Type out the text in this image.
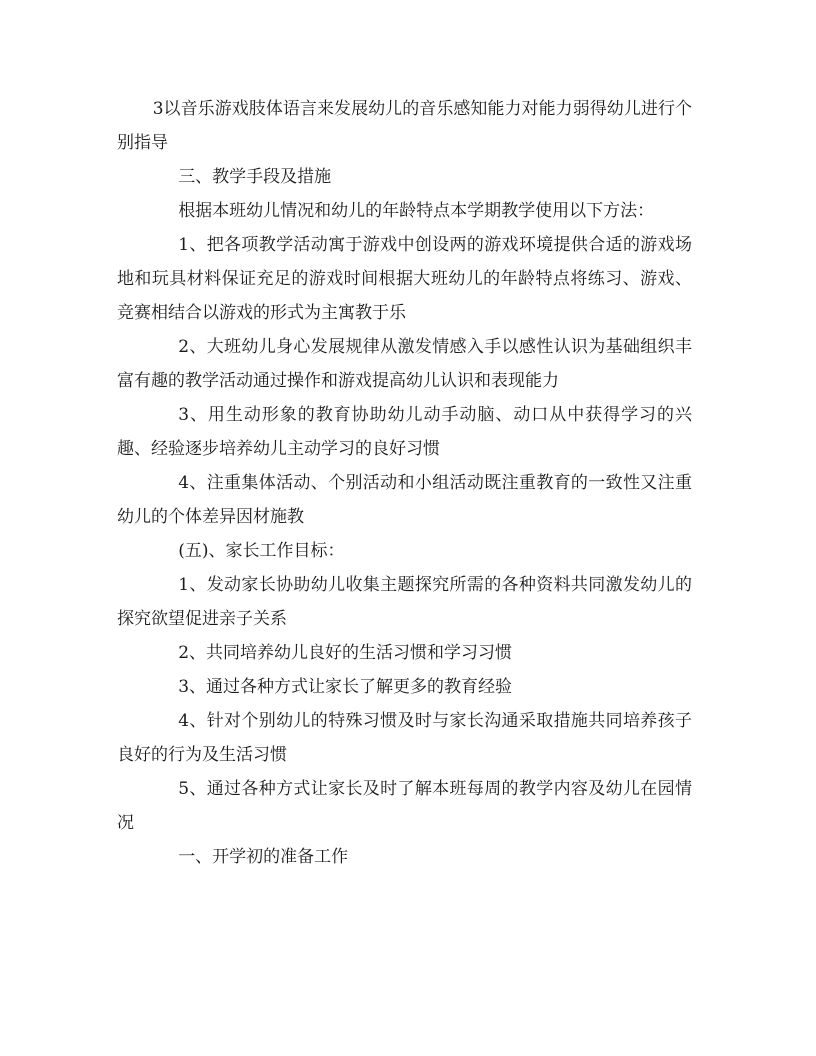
3以音乐游戏肢体语言来发展幼儿的音乐感知能力对能力弱得幼儿进行个别指导

三、教学手段及措施

根据本班幼儿情况和幼儿的年龄特点本学期教学使用以下方法：

1、把各项教学活动寓于游戏中创设两的游戏环境提供合适的游戏场地和玩具材料保证充足的游戏时间根据大班幼儿的年龄特点将练习、游戏、竞赛相结合以游戏的形式为主寓教于乐

2、大班幼儿身心发展规律从激发情感入手以感性认识为基础组织丰富有趣的教学活动通过操作和游戏提高幼儿认识和表现能力

3、用生动形象的教育协助幼儿动手动脑、动口从中获得学习的兴趣、经验逐步培养幼儿主动学习的良好习惯

4、注重集体活动、个别活动和小组活动既注重教育的一致性又注重幼儿的个体差异因材施教

(五)、家长工作目标：

1、发动家长协助幼儿收集主题探究所需的各种资料共同激发幼儿的探究欲望促进亲子关系

2、共同培养幼儿良好的生活习惯和学习习惯

3、通过各种方式让家长了解更多的教育经验

4、针对个别幼儿的特殊习惯及时与家长沟通采取措施共同培养孩子良好的行为及生活习惯

5、通过各种方式让家长及时了解本班每周的教学内容及幼儿在园情况

一、开学初的准备工作
